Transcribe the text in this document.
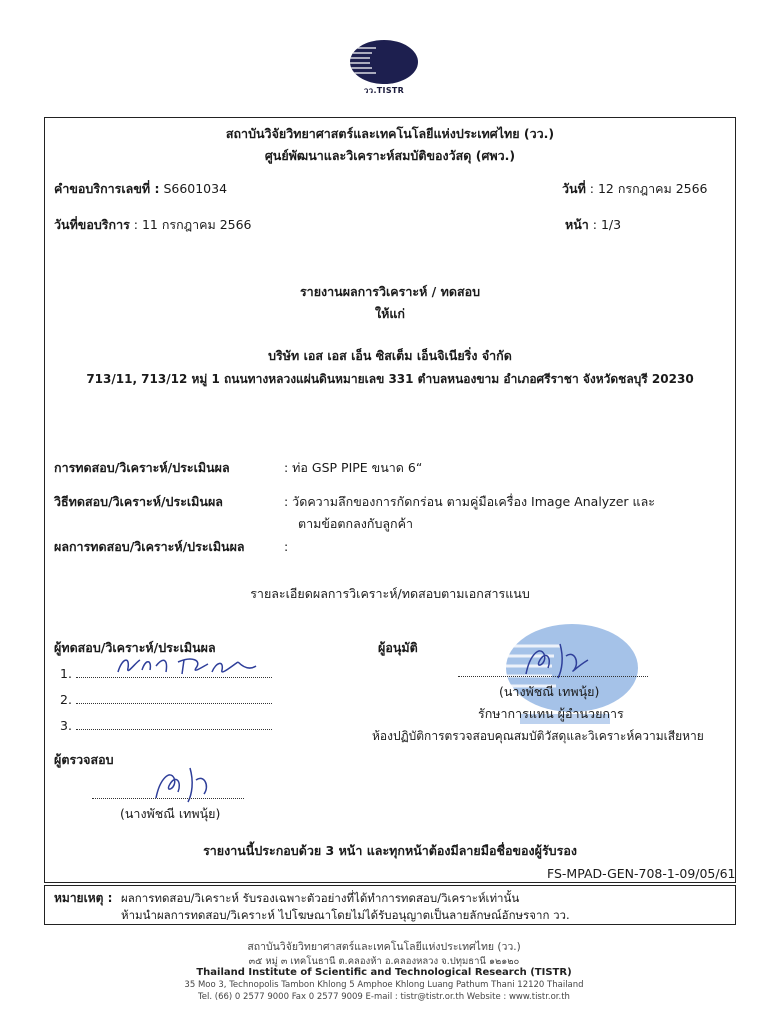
วว.TISTR
สถาบันวิจัยวิทยาศาสตร์และเทคโนโลยีแห่งประเทศไทย (วว.)
ศูนย์พัฒนาและวิเคราะห์สมบัติของวัสดุ (ศพว.)
คำขอบริการเลขที่ : S6601034	วันที่ : 12 กรกฎาคม 2566
วันที่ขอบริการ : 11 กรกฎาคม 2566	หน้า : 1/3
รายงานผลการวิเคราะห์ / ทดสอบ
ให้แก่
บริษัท เอส เอส เอ็น ซิสเต็ม เอ็นจิเนียริ่ง จำกัด
713/11, 713/12 หมู่ 1 ถนนทางหลวงแผ่นดินหมายเลข 331 ตำบลหนองขาม อำเภอศรีราชา จังหวัดชลบุรี 20230
การทดสอบ/วิเคราะห์/ประเมินผล	: ท่อ GSP PIPE ขนาด 6“
วิธีทดสอบ/วิเคราะห์/ประเมินผล	: วัดความลึกของการกัดกร่อน ตามคู่มือเครื่อง Image Analyzer และ
ตามข้อตกลงกับลูกค้า
ผลการทดสอบ/วิเคราะห์/ประเมินผล	:
รายละเอียดผลการวิเคราะห์/ทดสอบตามเอกสารแนบ
ผู้ทดสอบ/วิเคราะห์/ประเมินผล
1.
2.
3.
ผู้อนุมัติ
(นางพัชณี เทพนุ้ย)
รักษาการแทน ผู้อำนวยการ
ห้องปฏิบัติการตรวจสอบคุณสมบัติวัสดุและวิเคราะห์ความเสียหาย
ผู้ตรวจสอบ
(นางพัชณี เทพนุ้ย)
รายงานนี้ประกอบด้วย 3 หน้า และทุกหน้าต้องมีลายมือชื่อของผู้รับรอง
FS-MPAD-GEN-708-1-09/05/61
หมายเหตุ : ผลการทดสอบ/วิเคราะห์ รับรองเฉพาะตัวอย่างที่ได้ทำการทดสอบ/วิเคราะห์เท่านั้น
ห้ามนำผลการทดสอบ/วิเคราะห์ ไปโฆษณาโดยไม่ได้รับอนุญาตเป็นลายลักษณ์อักษรจาก วว.
สถาบันวิจัยวิทยาศาสตร์และเทคโนโลยีแห่งประเทศไทย (วว.)
๓๕ หมู่ ๓ เทคโนธานี ต.คลองห้า อ.คลองหลวง จ.ปทุมธานี ๑๒๑๒๐
Thailand Institute of Scientific and Technological Research (TISTR)
35 Moo 3, Technopolis Tambon Khlong 5 Amphoe Khlong Luang Pathum Thani 12120 Thailand
Tel. (66) 0 2577 9000 Fax 0 2577 9009 E-mail : tistr@tistr.or.th Website : www.tistr.or.th
